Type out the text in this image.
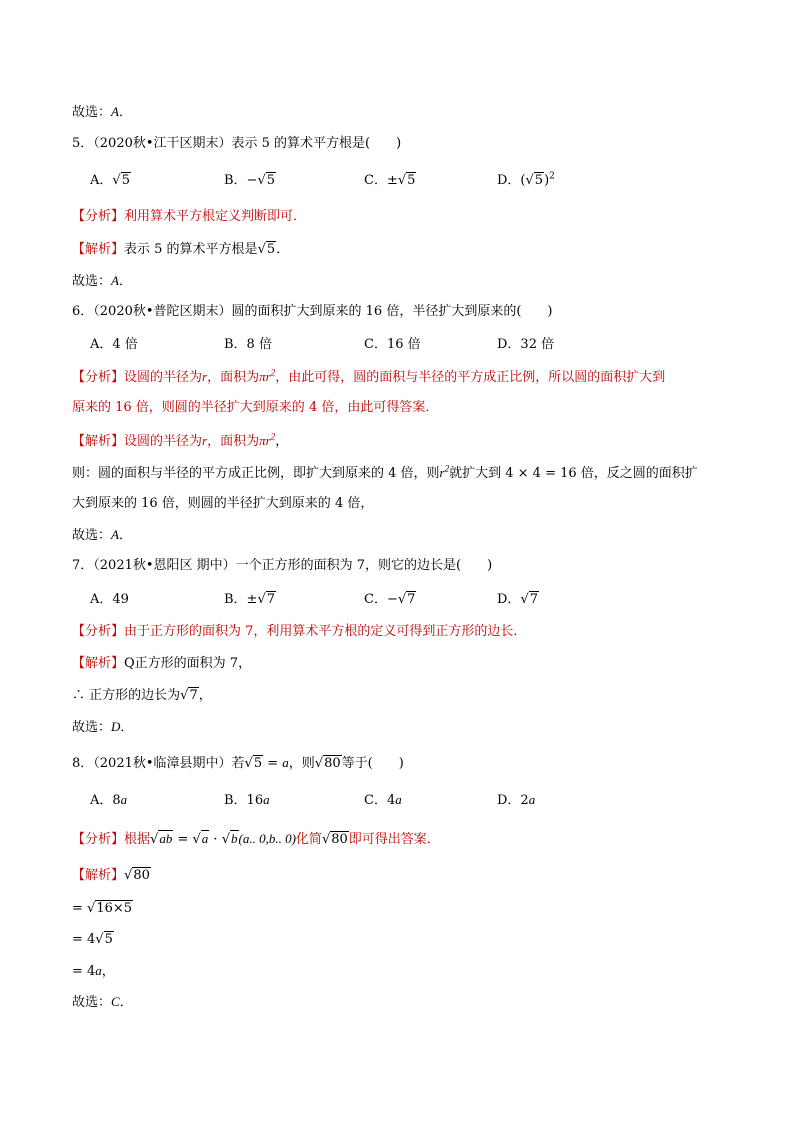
故选：A．
5．（2020秋•江干区期末）表示 5 的算术平方根是(　　)
A．√5	B．−√5	C．±√5	D．$(√5)^2$
【分析】利用算术平方根定义判断即可．
【解析】表示 5 的算术平方根是√5．
故选：A．
6．（2020秋•普陀区期末）圆的面积扩大到原来的 16 倍，半径扩大到原来的(　　)
A．4 倍	B．8 倍	C．16 倍	D．32 倍
【分析】设圆的半径为r，面积为$\pi r^2$，由此可得，圆的面积与半径的平方成正比例，所以圆的面积扩大到
原来的 16 倍，则圆的半径扩大到原来的 4 倍，由此可得答案．
【解析】设圆的半径为r，面积为$\pi r^2$，
则：圆的面积与半径的平方成正比例，即扩大到原来的 4 倍，则$r^2$就扩大到 4 × 4 = 16 倍，反之圆的面积扩
大到原来的 16 倍，则圆的半径扩大到原来的 4 倍，
故选：A．
7．（2021秋•恩阳区 期中）一个正方形的面积为 7，则它的边长是(　　)
A．49	B．±√7	C．−√7	D．√7
【分析】由于正方形的面积为 7，利用算术平方根的定义可得到正方形的边长．
【解析】Q正方形的面积为 7，
∴ 正方形的边长为√7，
故选：D．
8．（2021秋•临漳县期中）若√5 = a，则√80等于(　　)
A．8a	B．16a	C．4a	D．2a
【分析】根据√ab = √a · √b(a.. 0,b.. 0)化简√80即可得出答案．
【解析】√80
= √16×5
= 4√5
= 4a，
故选：C．
